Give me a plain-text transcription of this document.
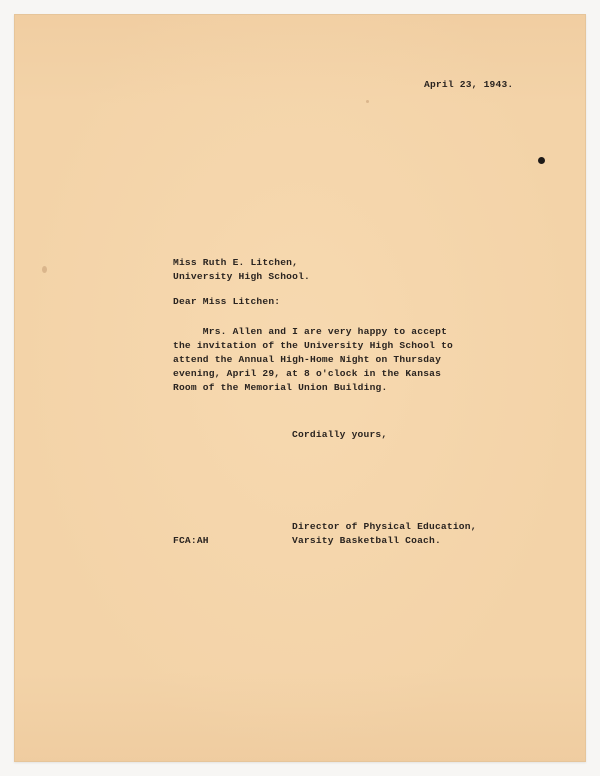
April 23, 1943.
Miss Ruth E. Litchen,
University High School.
Dear Miss Litchen:
Mrs. Allen and I are very happy to accept
the invitation of the University High School to
attend the Annual High-Home Night on Thursday
evening, April 29, at 8 o'clock in the Kansas
Room of the Memorial Union Building.
Cordially yours,
Director of Physical Education,
Varsity Basketball Coach.
FCA:AH
